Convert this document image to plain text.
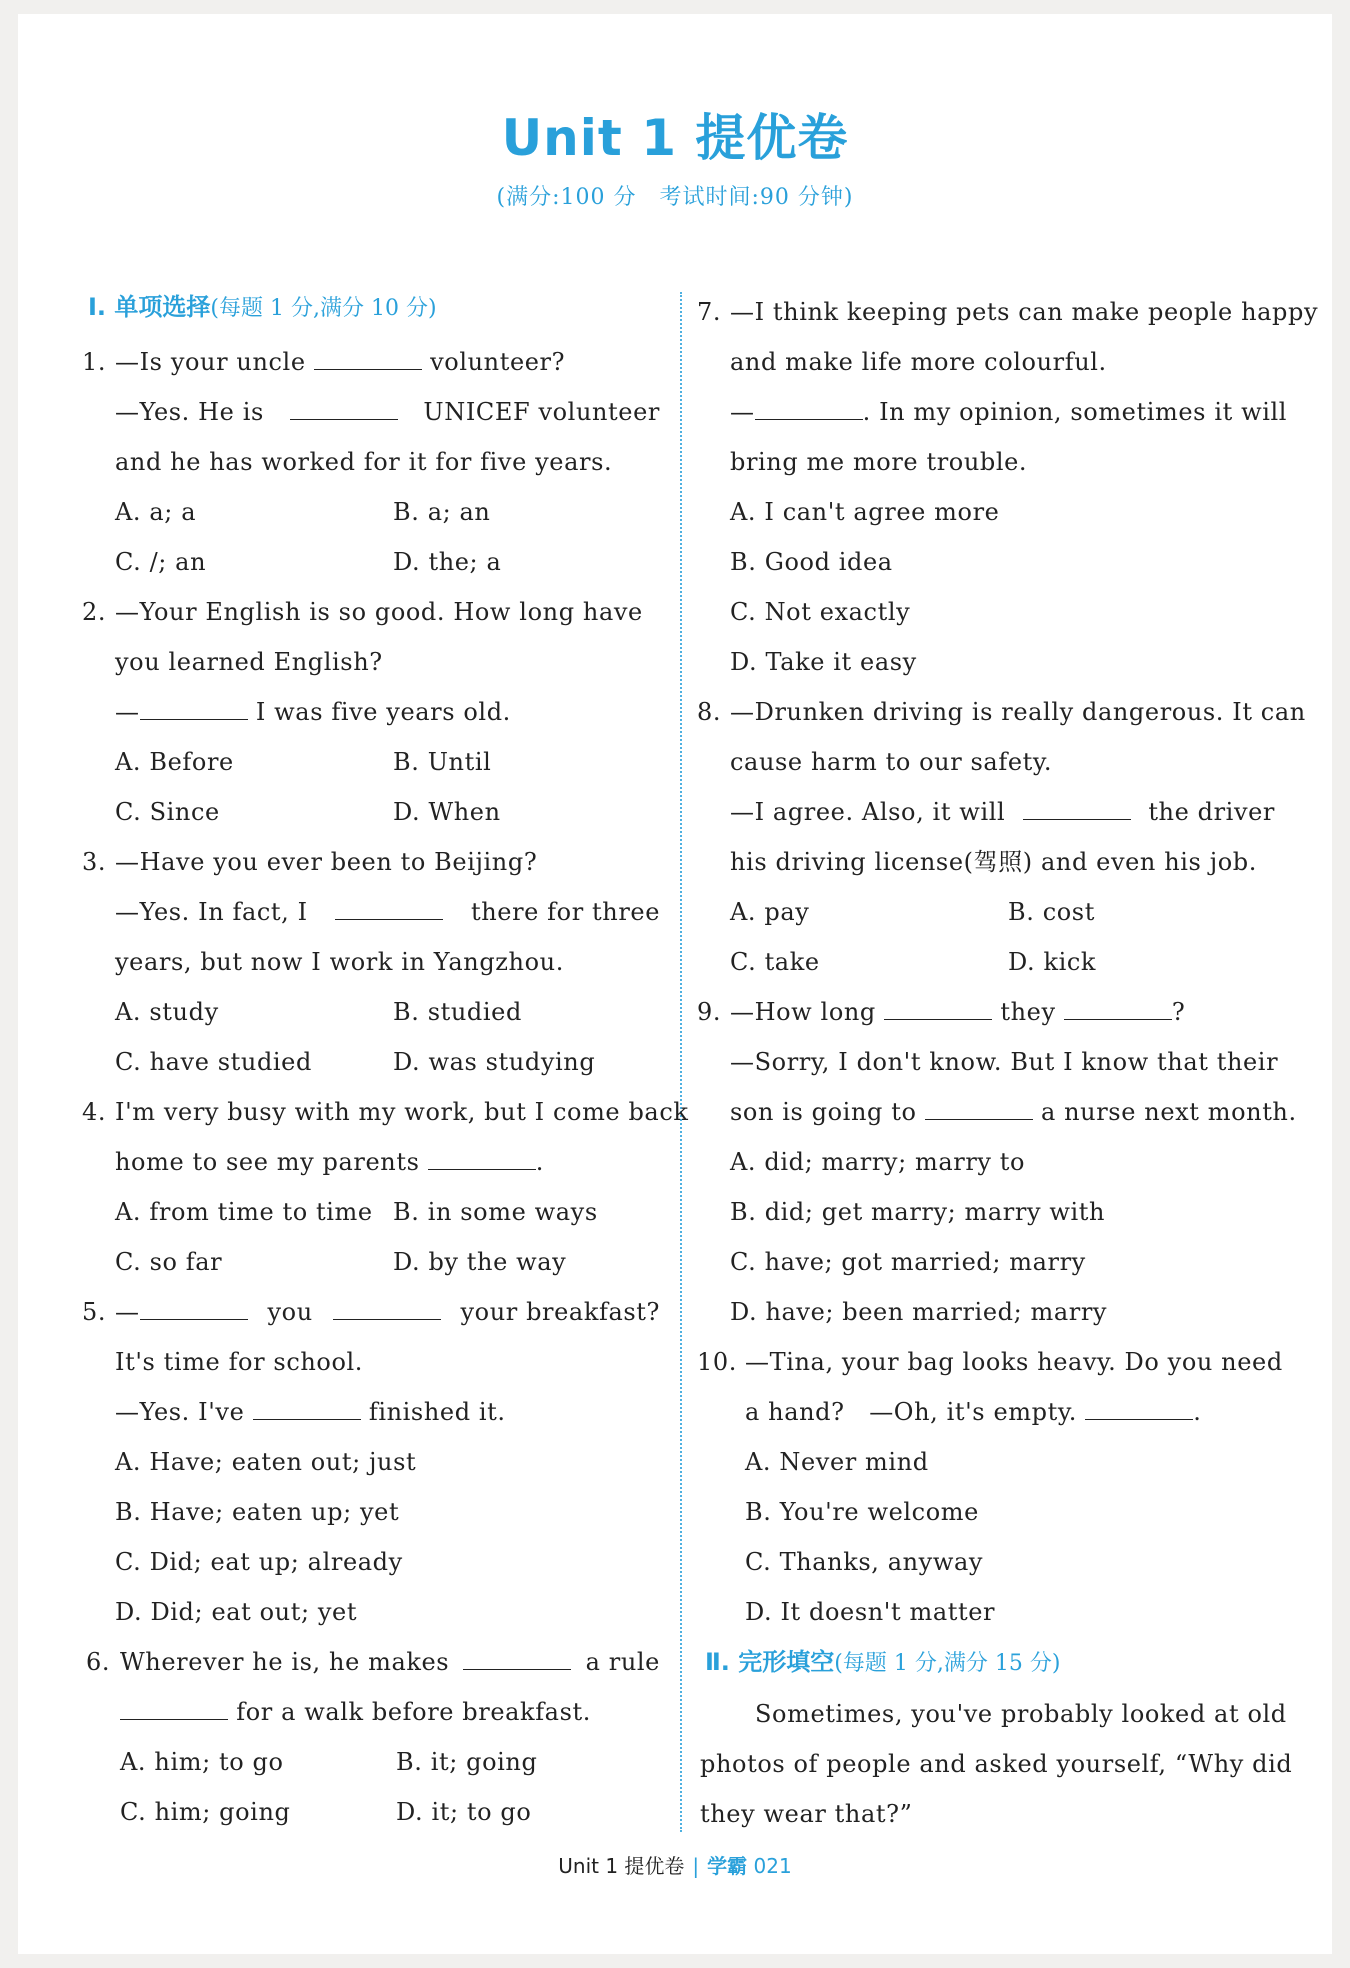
Unit 1 提优卷
(满分:100 分　考试时间:90 分钟)
Ⅰ. 单项选择(每题 1 分,满分 10 分)
1. —Is your uncle	volunteer?
—Yes. He is	UNICEF volunteer
and he has worked for it for five years.
A. a; a	B. a; an
C. /; an	D. the; a
2. —Your English is so good. How long have
you learned English?
—	I was five years old.
A. Before	B. Until
C. Since	D. When
3. —Have you ever been to Beijing?
—Yes. In fact, I	there for three
years, but now I work in Yangzhou.
A. study	B. studied
C. have studied	D. was studying
4. I'm very busy with my work, but I come back
home to see my parents	.
A. from time to time B. in some ways
C. so far	D. by the way
5. —	you	your breakfast?
It's time for school.
—Yes. I've	finished it.
A. Have; eaten out; just
B. Have; eaten up; yet
C. Did; eat up; already
D. Did; eat out; yet
6. Wherever he is, he makes	a rule
for a walk before breakfast.
A. him; to go	B. it; going
C. him; going	D. it; to go
7. —I think keeping pets can make people happy
and make life more colourful.
—	. In my opinion, sometimes it will
bring me more trouble.
A. I can't agree more
B. Good idea
C. Not exactly
D. Take it easy
8. —Drunken driving is really dangerous. It can
cause harm to our safety.
—I agree. Also, it will	the driver
his driving license(驾照) and even his job.
A. pay	B. cost
C. take	D. kick
9. —How long	they	?
—Sorry, I don't know. But I know that their
son is going to	a nurse next month.
A. did; marry; marry to
B. did; get marry; marry with
C. have; got married; marry
D. have; been married; marry
10. —Tina, your bag looks heavy. Do you need
a hand?　—Oh, it's empty.	.
A. Never mind
B. You're welcome
C. Thanks, anyway
D. It doesn't matter
Ⅱ. 完形填空(每题 1 分,满分 15 分)
Sometimes, you've probably looked at old
photos of people and asked yourself, “Why did
they wear that?”
Unit 1 提优卷 | 学霸 021
